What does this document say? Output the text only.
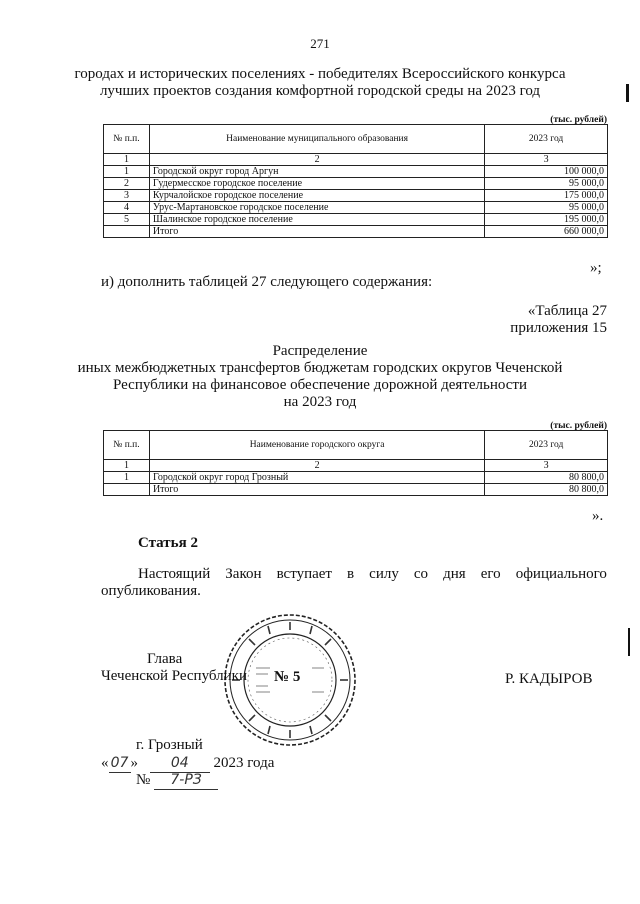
271
городах и исторических поселениях - победителях Всероссийского конкурса
лучших проектов создания комфортной городской среды на 2023 год
(тыс. рублей)
№ п.п.	Наименование муниципального образования	2023 год
1	2	3
1	Городской округ город Аргун	100 000,0
2	Гудермесское городское поселение	95 000,0
3	Курчалойское городское поселение	175 000,0
4	Урус-Мартановское городское поселение	95 000,0
5	Шалинское городское поселение	195 000,0
	Итого	660 000,0
»;
и) дополнить таблицей 27 следующего содержания:
«Таблица 27
приложения 15
Распределение
иных межбюджетных трансфертов бюджетам городских округов Чеченской
Республики на финансовое обеспечение дорожной деятельности
на 2023 год
(тыс. рублей)
№ п.п.	Наименование городского округа	2023 год
1	2	3
1	Городской округ город Грозный	80 800,0
	Итого	80 800,0
».
Статья 2
Настоящий Закон вступает в силу со дня его официального
опубликования.
Глава
Чеченской Республики № 5	Р. КАДЫРОВ
г. Грозный
« 07 » 04 2023 года
№ 7-РЗ
